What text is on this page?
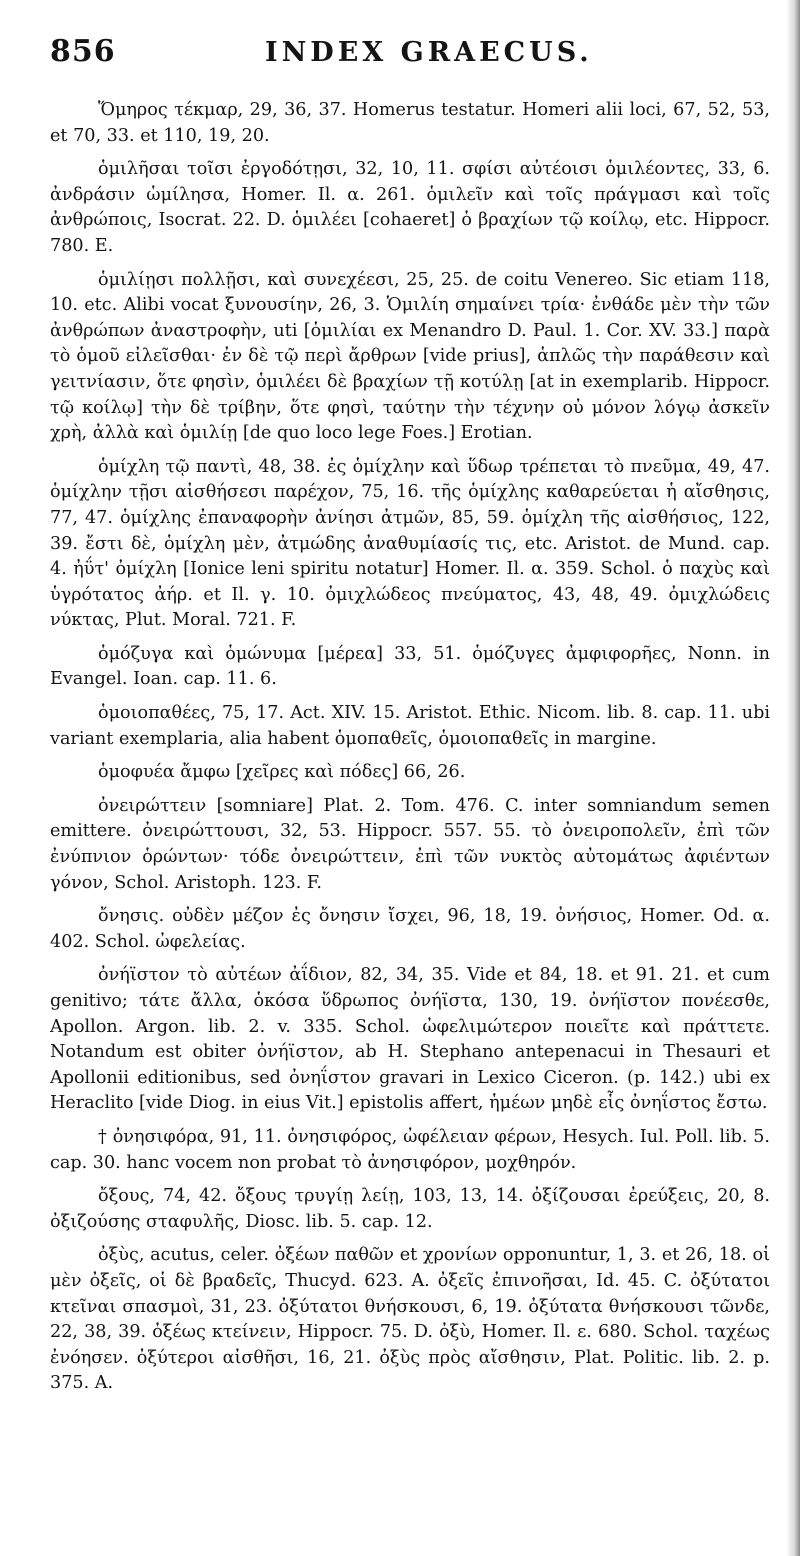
856	INDEX GRAECUS.

Ὅμηρος τέκμαρ, 29, 36, 37. Homerus testatur. Homeri alii loci, 67, 52, 53, et 70, 33. et 110, 19, 20.

ὁμιλῆσαι τοῖσι ἐργοδότῃσι, 32, 10, 11. σφίσι αὐτέοισι ὁμιλέοντες, 33, 6. ἀνδράσιν ὡμίλησα, Homer. Il. α. 261. ὁμιλεῖν καὶ τοῖς πράγμασι καὶ τοῖς ἀνθρώποις, Isocrat. 22. D. ὁμιλέει [cohaeret] ὁ βραχίων τῷ κοίλῳ, etc. Hippocr. 780. E.

ὁμιλίῃσι πολλῇσι, καὶ συνεχέεσι, 25, 25. de coitu Venereo. Sic etiam 118, 10. etc. Alibi vocat ξυνουσίην, 26, 3. Ὁμιλίη σημαίνει τρία· ἐνθάδε μὲν τὴν τῶν ἀνθρώπων ἀναστροφὴν, uti [ὁμιλίαι ex Menandro D. Paul. 1. Cor. XV. 33.] παρὰ τὸ ὁμοῦ εἰλεῖσθαι· ἐν δὲ τῷ περὶ ἄρθρων [vide prius], ἁπλῶς τὴν παράθεσιν καὶ γειτνίασιν, ὅτε φησὶν, ὁμιλέει δὲ βραχίων τῇ κοτύλῃ [at in exemplarib. Hippocr. τῷ κοίλῳ] τὴν δὲ τρίβην, ὅτε φησὶ, ταύτην τὴν τέχνην οὐ μόνον λόγῳ ἀσκεῖν χρὴ, ἀλλὰ καὶ ὁμιλίῃ [de quo loco lege Foes.] Erotian.

ὁμίχλη τῷ παντὶ, 48, 38. ἐς ὁμίχλην καὶ ὕδωρ τρέπεται τὸ πνεῦμα, 49, 47. ὁμίχλην τῇσι αἰσθήσεσι παρέχον, 75, 16. τῆς ὁμίχλης καθαρεύεται ἡ αἴσθησις, 77, 47. ὁμίχλης ἐπαναφορὴν ἀνίησι ἀτμῶν, 85, 59. ὁμίχλη τῆς αἰσθήσιος, 122, 39. ἔστι δὲ, ὁμίχλη μὲν, ἀτμώδης ἀναθυμίασίς τις, etc. Aristot. de Mund. cap. 4. ἠΰτ' ὀμίχλη [Ionice leni spiritu notatur] Homer. Il. α. 359. Schol. ὁ παχὺς καὶ ὑγρότατος ἀήρ. et Il. γ. 10. ὀμιχλώδεος πνεύματος, 43, 48, 49. ὀμιχλώδεις νύκτας, Plut. Moral. 721. F.

ὁμόζυγα καὶ ὁμώνυμα [μέρεα] 33, 51. ὁμόζυγες ἀμφιφορῆες, Nonn. in Evangel. Ioan. cap. 11. 6.

ὁμοιοπαθέες, 75, 17. Act. XIV. 15. Aristot. Ethic. Nicom. lib. 8. cap. 11. ubi variant exemplaria, alia habent ὁμοπαθεῖς, ὁμοιοπαθεῖς in margine.

ὁμοφυέα ἄμφω [χεῖρες καὶ πόδες] 66, 26.

ὀνειρώττειν [somniare] Plat. 2. Tom. 476. C. inter somniandum semen emittere. ὀνειρώττουσι, 32, 53. Hippocr. 557. 55. τὸ ὀνειροπολεῖν, ἐπὶ τῶν ἐνύπνιον ὁρώντων· τόδε ὀνειρώττειν, ἐπὶ τῶν νυκτὸς αὐτομάτως ἀφιέντων γόνον, Schol. Aristoph. 123. F.

ὄνησις. οὐδὲν μέζον ἐς ὄνησιν ἴσχει, 96, 18, 19. ὀνήσιος, Homer. Od. α. 402. Schol. ὠφελείας.

ὀνήϊστον τὸ αὐτέων ἀΐδιον, 82, 34, 35. Vide et 84, 18. et 91. 21. et cum genitivo; τάτε ἄλλα, ὁκόσα ὕδρωπος ὀνήϊστα, 130, 19. ὀνήϊστον πονέεσθε, Apollon. Argon. lib. 2. v. 335. Schol. ὠφελιμώτερον ποιεῖτε καὶ πράττετε. Notandum est obiter ὀνήϊστον, ab H. Stephano antepenacui in Thesauri et Apollonii editionibus, sed ὀνηΐστον gravari in Lexico Ciceron. (p. 142.) ubi ex Heraclito [vide Diog. in eius Vit.] epistolis affert, ἡμέων μηδὲ εἷς ὀνηΐστος ἔστω.

† ὀνησιφόρα, 91, 11. ὀνησιφόρος, ὠφέλειαν φέρων, Hesych. Iul. Poll. lib. 5. cap. 30. hanc vocem non probat τὸ ἀνησιφόρον, μοχθηρόν.

ὄξους, 74, 42. ὄξους τρυγίῃ λείῃ, 103, 13, 14. ὀξίζουσαι ἐρεύξεις, 20, 8. ὀξιζούσης σταφυλῆς, Diosc. lib. 5. cap. 12.

ὀξὺς, acutus, celer. ὀξέων παθῶν et χρονίων opponuntur, 1, 3. et 26, 18. οἱ μὲν ὀξεῖς, οἱ δὲ βραδεῖς, Thucyd. 623. A. ὀξεῖς ἐπινοῆσαι, Id. 45. C. ὀξύτατοι κτεῖναι σπασμοὶ, 31, 23. ὀξύτατοι θνήσκουσι, 6, 19. ὀξύτατα θνήσκουσι τῶνδε, 22, 38, 39. ὀξέως κτείνειν, Hippocr. 75. D. ὀξὺ, Homer. Il. ε. 680. Schol. ταχέως ἐνόησεν. ὀξύτεροι αἰσθῆσι, 16, 21. ὀξὺς πρὸς αἴσθησιν, Plat. Politic. lib. 2. p. 375. A.
